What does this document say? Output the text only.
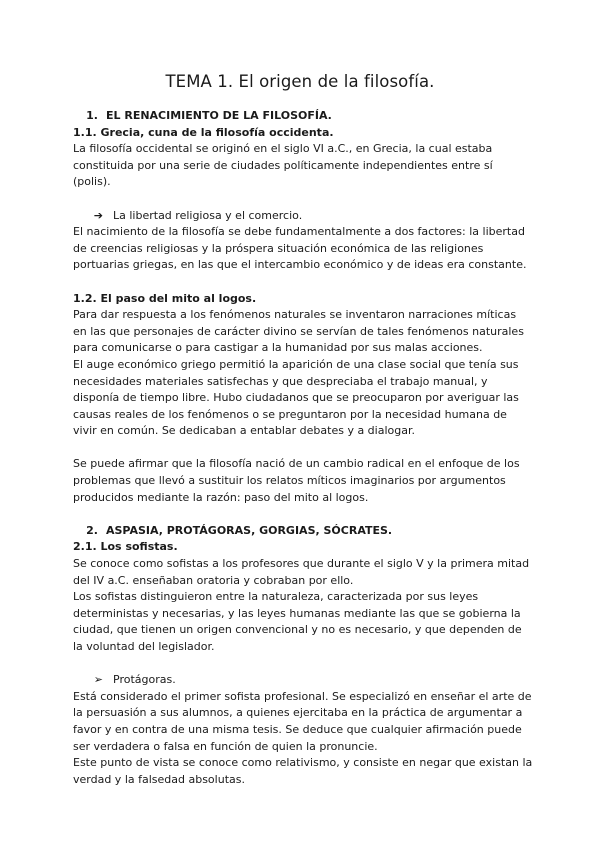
TEMA 1. El origen de la filosofía.
1. EL RENACIMIENTO DE LA FILOSOFÍA.

1.1. Grecia, cuna de la filosofía occidenta.

La filosofía occidental se originó en el siglo VI a.C., en Grecia, la cual estaba constituida por una serie de ciudades políticamente independientes entre sí (polis).

➔ La libertad religiosa y el comercio.

El nacimiento de la filosofía se debe fundamentalmente a dos factores: la libertad de creencias religiosas y la próspera situación económica de las religiones portuarias griegas, en las que el intercambio económico y de ideas era constante.

1.2. El paso del mito al logos.

Para dar respuesta a los fenómenos naturales se inventaron narraciones míticas en las que personajes de carácter divino se servían de tales fenómenos naturales para comunicarse o para castigar a la humanidad por sus malas acciones.

El auge económico griego permitió la aparición de una clase social que tenía sus necesidades materiales satisfechas y que despreciaba el trabajo manual, y disponía de tiempo libre. Hubo ciudadanos que se preocuparon por averiguar las causas reales de los fenómenos o se preguntaron por la necesidad humana de vivir en común. Se dedicaban a entablar debates y a dialogar.

Se puede afirmar que la filosofía nació de un cambio radical en el enfoque de los problemas que llevó a sustituir los relatos míticos imaginarios por argumentos producidos mediante la razón: paso del mito al logos.

2. ASPASIA, PROTÁGORAS, GORGIAS, SÓCRATES.

2.1. Los sofistas.

Se conoce como sofistas a los profesores que durante el siglo V y la primera mitad del IV a.C. enseñaban oratoria y cobraban por ello.

Los sofistas distinguieron entre la naturaleza, caracterizada por sus leyes deterministas y necesarias, y las leyes humanas mediante las que se gobierna la ciudad, que tienen un origen convencional y no es necesario, y que dependen de la voluntad del legislador.

➢ Protágoras.

Está considerado el primer sofista profesional. Se especializó en enseñar el arte de la persuasión a sus alumnos, a quienes ejercitaba en la práctica de argumentar a favor y en contra de una misma tesis. Se deduce que cualquier afirmación puede ser verdadera o falsa en función de quien la pronuncie.

Este punto de vista se conoce como relativismo, y consiste en negar que existan la verdad y la falsedad absolutas.
